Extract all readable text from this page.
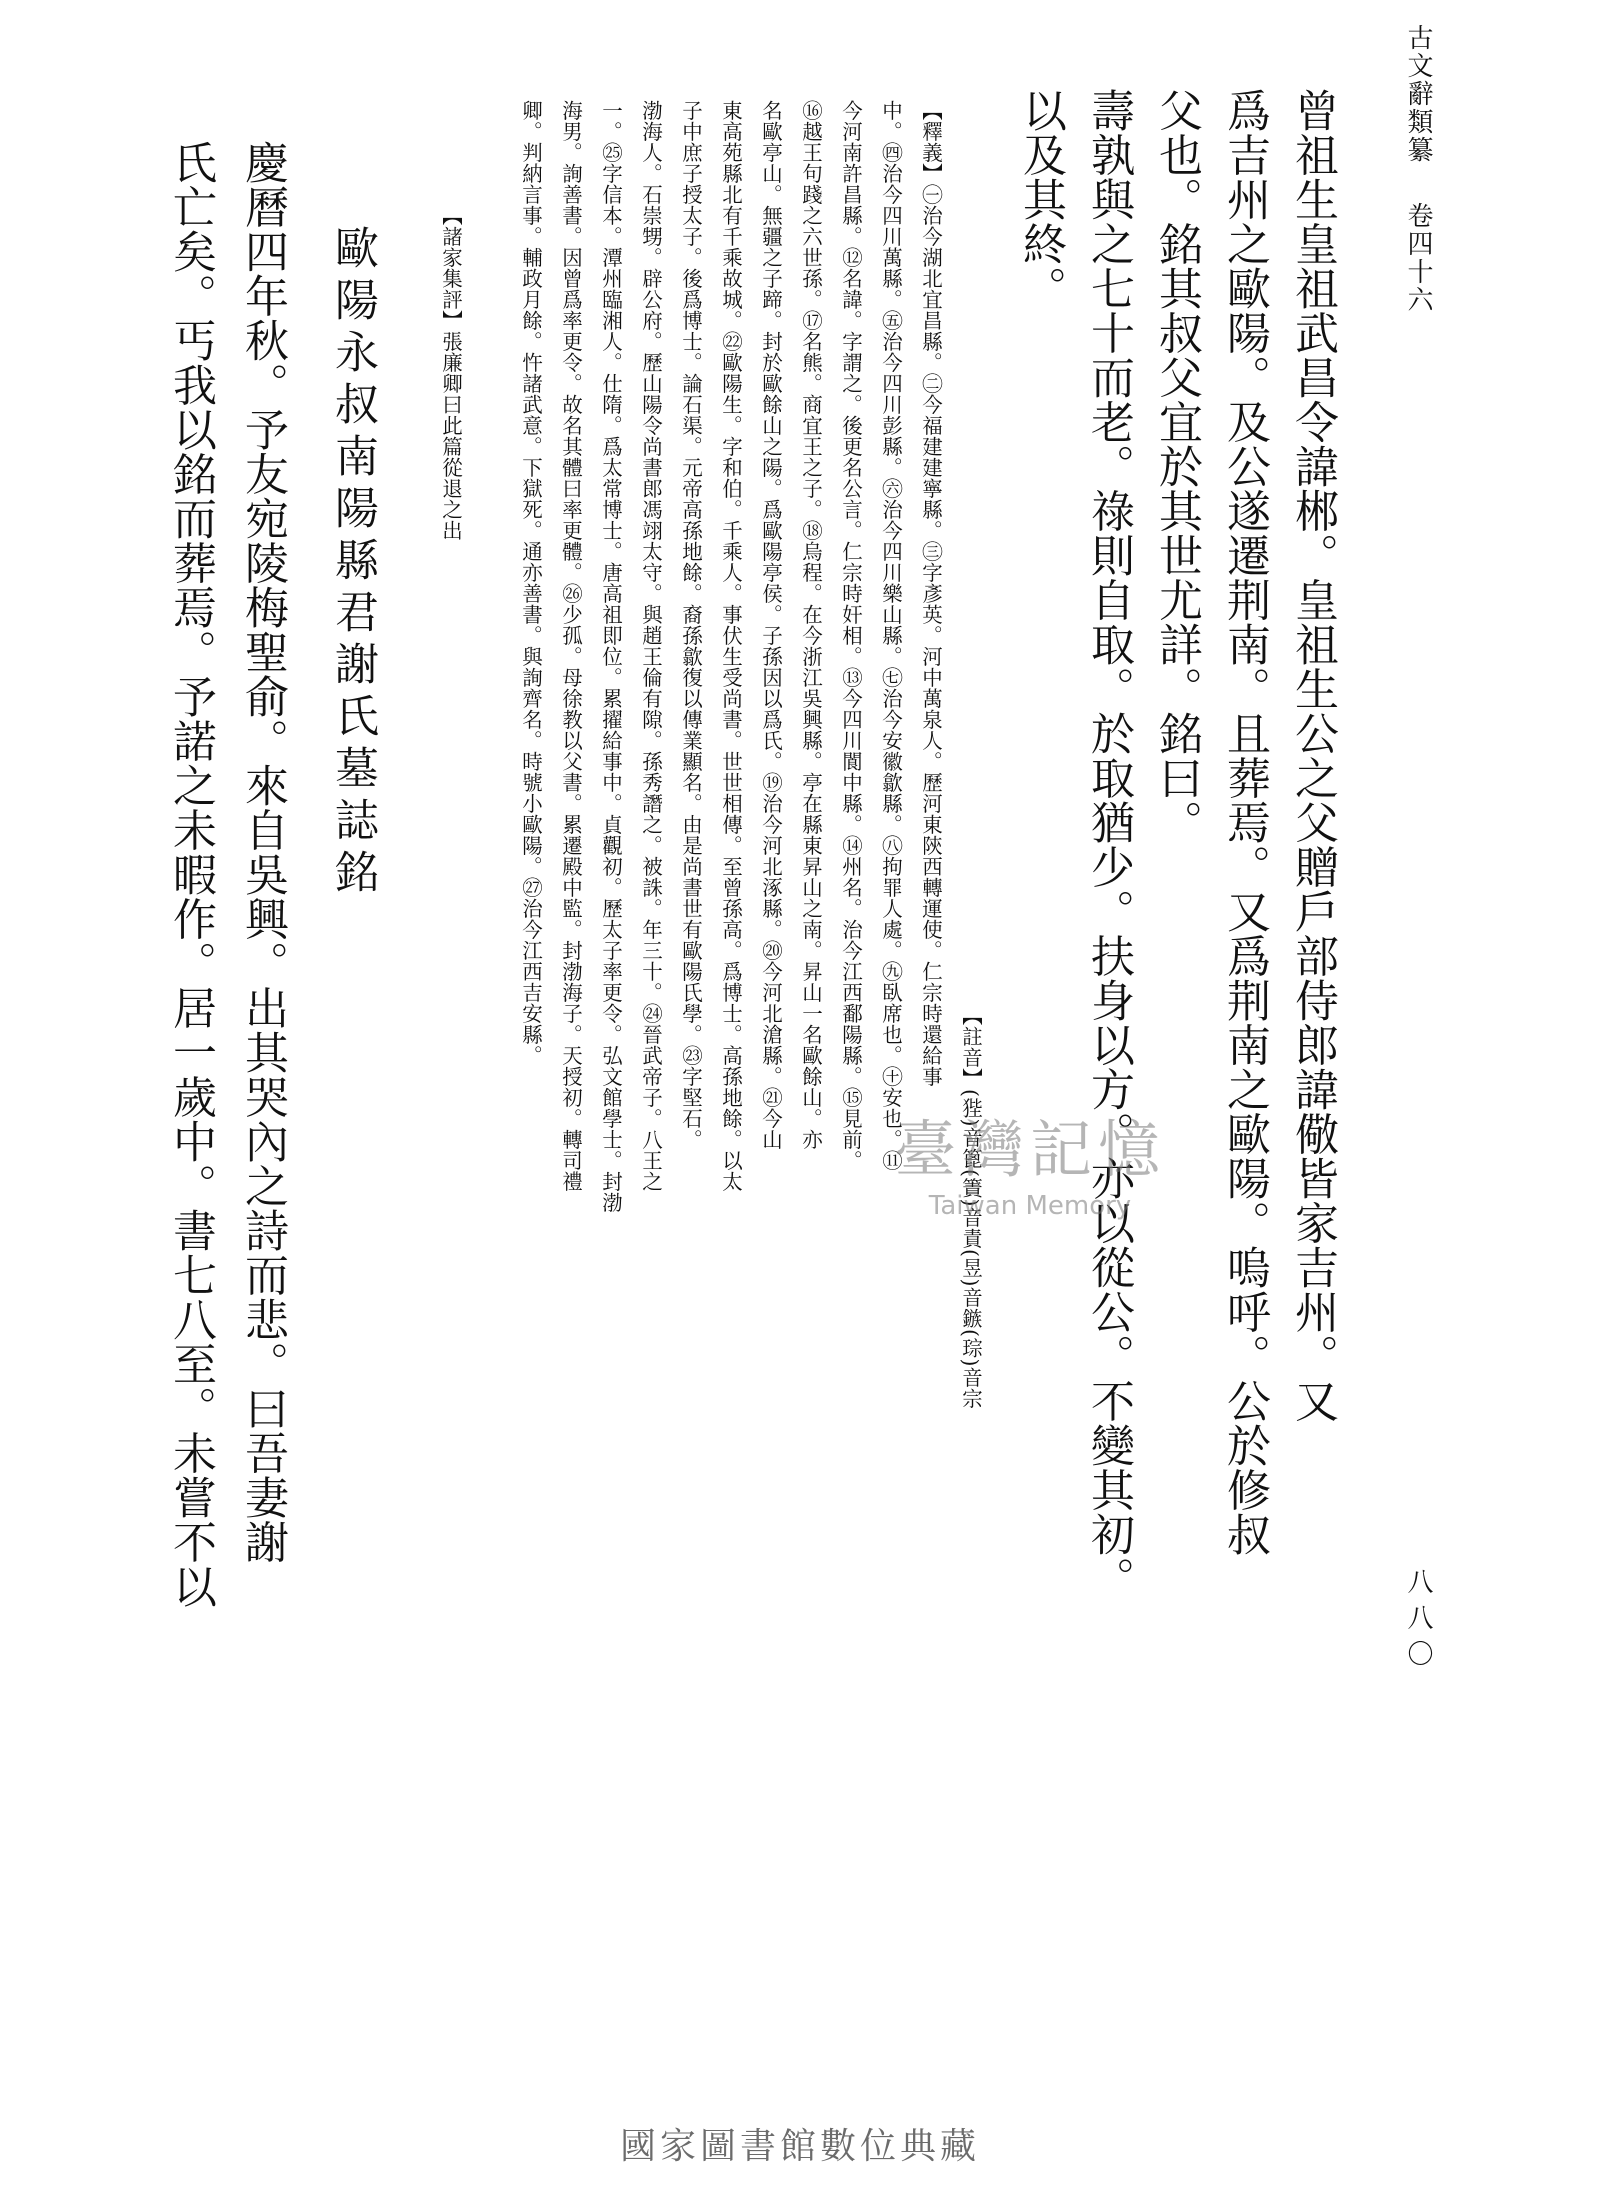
古文辭類纂卷四十六
八八〇
曾祖生皇祖武昌令諱郴。皇祖生公之父贈戶部侍郎諱儆皆家吉州。又
爲吉州之歐陽。及公遂遷荆南。且葬焉。又爲荆南之歐陽。嗚呼。公於修叔
父也。銘其叔父宜於其世尤詳。銘曰。
壽孰與之七十而老。祿則自取。於取猶少。扶身以方。亦以從公。不變其初。
以及其終。
【註音】(狴)音篦(簀)音責(昱)音鏃(琮)音宗
【釋義】㊀治今湖北宜昌縣。㊁今福建建寧縣。㊂字彥英。河中萬泉人。歷河東陝西轉運使。仁宗時還給事
中。㊃治今四川萬縣。㊄治今四川彭縣。㊅治今四川樂山縣。㊆治今安徽歙縣。㊇拘罪人處。㊈臥席也。㊉安也。⑪
今河南許昌縣。⑫名諱。字謂之。後更名公言。仁宗時奸相。⑬今四川閬中縣。⑭州名。治今江西鄱陽縣。⑮見前。
⑯越王句踐之六世孫。⑰名熊。商宜王之子。⑱烏程。在今浙江吳興縣。亭在縣東昇山之南。昇山一名歐餘山。亦
名歐亭山。無疆之子蹄。封於歐餘山之陽。爲歐陽亭侯。子孫因以爲氏。⑲治今河北涿縣。⑳今河北滄縣。㉑今山
東高苑縣北有千乘故城。㉒歐陽生。字和伯。千乘人。事伏生受尚書。世世相傳。至曾孫高。爲博士。高孫地餘。以太
子中庶子授太子。後爲博士。論石渠。元帝高孫地餘。裔孫歙復以傳業顯名。由是尚書世有歐陽氏學。㉓字堅石。
渤海人。石崇甥。辟公府。歷山陽令尚書郎馮翊太守。與趙王倫有隙。孫秀譖之。被誅。年三十。㉔晉武帝子。八王之
一。㉕字信本。潭州臨湘人。仕隋。爲太常博士。唐高祖即位。累擢給事中。貞觀初。歷太子率更令。弘文館學士。封渤
海男。詢善書。因曾爲率更令。故名其體曰率更體。㉖少孤。母徐教以父書。累遷殿中監。封渤海子。天授初。轉司禮
卿。判納言事。輔政月餘。忤諸武意。下獄死。通亦善書。與詢齊名。時號小歐陽。㉗治今江西吉安縣。
【諸家集評】張廉卿曰此篇從退之出
歐陽永叔南陽縣君謝氏墓誌銘
慶曆四年秋。予友宛陵梅聖俞。來自吳興。出其哭內之詩而悲。曰吾妻謝
氏亡矣。丐我以銘而葬焉。予諾之未暇作。居一歲中。書七八至。未嘗不以	臺灣記憶
Taiwan Memory
國家圖書館數位典藏
